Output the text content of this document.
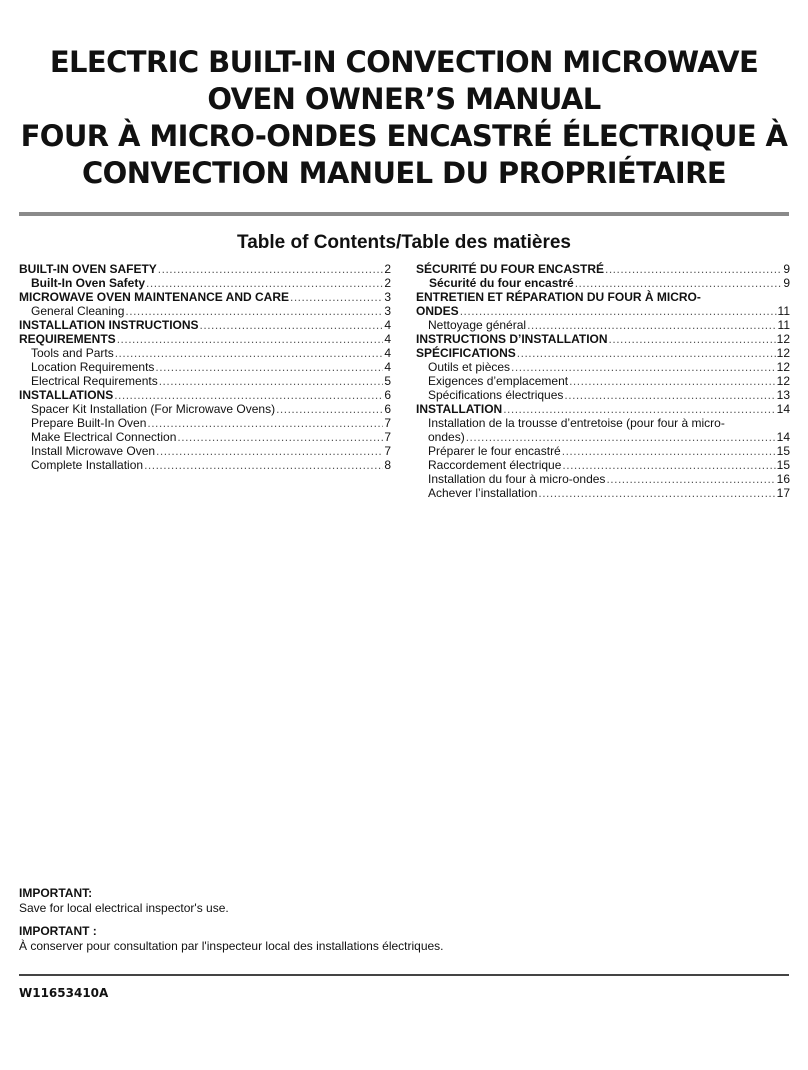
ELECTRIC BUILT-IN CONVECTION MICROWAVE
OVEN OWNER’S MANUAL
FOUR À MICRO-ONDES ENCASTRÉ ÉLECTRIQUE À
CONVECTION MANUEL DU PROPRIÉTAIRE
Table of Contents/Table des matières
BUILT-IN OVEN SAFETY .....	2
Built-In Oven Safety .....	2
MICROWAVE OVEN MAINTENANCE AND CARE .....	3
General Cleaning .....	3
INSTALLATION INSTRUCTIONS .....	4
REQUIREMENTS .....	4
Tools and Parts .....	4
Location Requirements .....	4
Electrical Requirements .....	5
INSTALLATIONS .....	6
Spacer Kit Installation (For Microwave Ovens) .....	6
Prepare Built-In Oven .....	7
Make Electrical Connection .....	7
Install Microwave Oven .....	7
Complete Installation .....	8
SÉCURITÉ DU FOUR ENCASTRÉ .....	9
Sécurité du four encastré .....	9
ENTRETIEN ET RÉPARATION DU FOUR À MICRO-
ONDES .....	11
Nettoyage général .....	11
INSTRUCTIONS D’INSTALLATION .....	12
SPÉCIFICATIONS .....	12
Outils et pièces .....	12
Exigences d’emplacement .....	12
Spécifications électriques .....	13
INSTALLATION .....	14
Installation de la trousse d’entretoise (pour four à micro-
ondes) .....	14
Préparer le four encastré .....	15
Raccordement électrique .....	15
Installation du four à micro-ondes .....	16
Achever l’installation .....	17
IMPORTANT:
Save for local electrical inspector's use.
IMPORTANT :
À conserver pour consultation par l'inspecteur local des installations électriques.
W11653410A
